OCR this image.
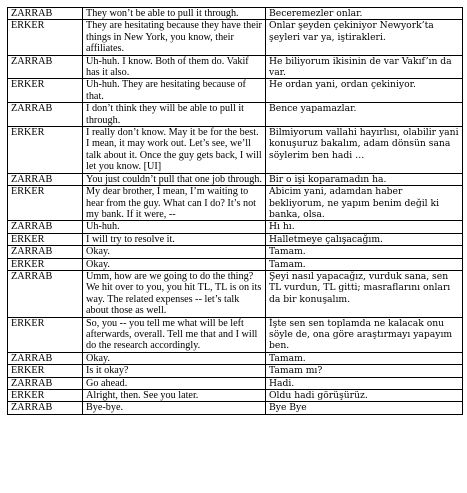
ZARRAB	They won’t be able to pull it through.	Beceremezler onlar.
ERKER	They are hesitating because they have their things in New York, you know, their affiliates.	Onlar şeyden çekiniyor Newyork’ta şeyleri var ya, iştirakleri.
ZARRAB	Uh-huh. I know. Both of them do. Vakif has it also.	He biliyorum ikisinin de var Vakıf’ın da var.
ERKER	Uh-huh. They are hesitating because of that.	He ordan yani, ordan çekiniyor.
ZARRAB	I don’t think they will be able to pull it through.	Bence yapamazlar.
ERKER	I really don’t know. May it be for the best. I mean, it may work out. Let’s see, we’ll talk about it. Once the guy gets back, I will let you know. [UI]	Bilmiyorum vallahi hayırlısı, olabilir yani konuşuruz bakalım, adam dönsün sana söylerim ben hadi …
ZARRAB	You just couldn’t pull that one job through.	Bir o işi koparamadın ha.
ERKER	My dear brother, I mean, I’m waiting to hear from the guy. What can I do? It’s not my bank. If it were, --	Abicim yani, adamdan haber bekliyorum, ne yapım benim değil ki banka, olsa.
ZARRAB	Uh-huh.	Hı hı.
ERKER	I will try to resolve it.	Halletmeye çalışacağım.
ZARRAB	Okay.	Tamam.
ERKER	Okay.	Tamam.
ZARRAB	Umm, how are we going to do the thing? We hit over to you, you hit TL, TL is on its way. The related expenses -- let’s talk about those as well.	Şeyi nasıl yapacağız, vurduk sana, sen TL vurdun, TL gitti; masraflarını onları da bir konuşalım.
ERKER	So, you -- you tell me what will be left afterwards, overall. Tell me that and I will do the research accordingly.	İşte sen sen toplamda ne kalacak onu söyle de, ona göre araştırmayı yapayım ben.
ZARRAB	Okay.	Tamam.
ERKER	Is it okay?	Tamam mı?
ZARRAB	Go ahead.	Hadi.
ERKER	Alright, then. See you later.	Oldu hadi görüşürüz.
ZARRAB	Bye-bye.	Bye Bye
